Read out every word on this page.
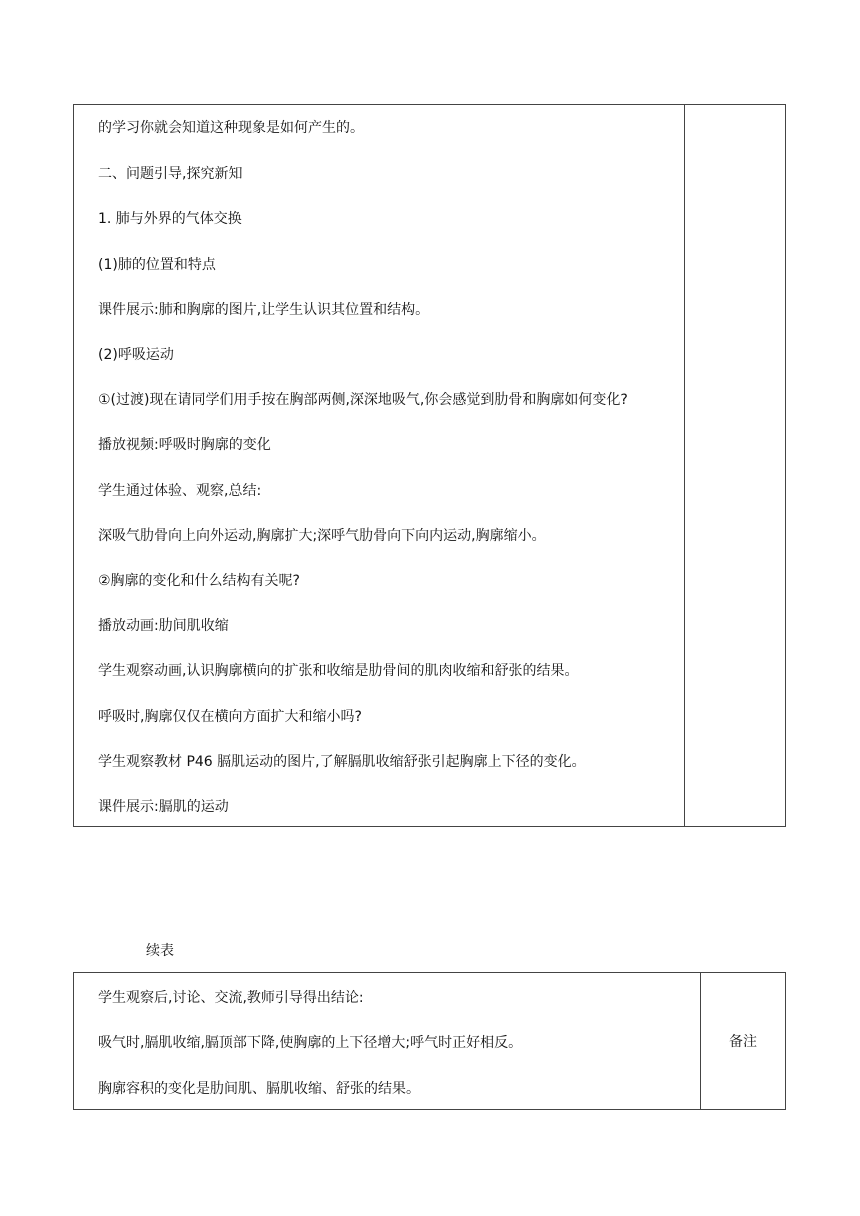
的学习你就会知道这种现象是如何产生的。
二、问题引导,探究新知
1. 肺与外界的气体交换
(1)肺的位置和特点
课件展示:肺和胸廓的图片,让学生认识其位置和结构。
(2)呼吸运动
①(过渡)现在请同学们用手按在胸部两侧,深深地吸气,你会感觉到肋骨和胸廓如何变化?
播放视频:呼吸时胸廓的变化
学生通过体验、观察,总结:
深吸气肋骨向上向外运动,胸廓扩大;深呼气肋骨向下向内运动,胸廓缩小。
②胸廓的变化和什么结构有关呢?
播放动画:肋间肌收缩
学生观察动画,认识胸廓横向的扩张和收缩是肋骨间的肌肉收缩和舒张的结果。
呼吸时,胸廓仅仅在横向方面扩大和缩小吗?
学生观察教材 P46 膈肌运动的图片,了解膈肌收缩舒张引起胸廓上下径的变化。
课件展示:膈肌的运动
续表
学生观察后,讨论、交流,教师引导得出结论:
吸气时,膈肌收缩,膈顶部下降,使胸廓的上下径增大;呼气时正好相反。
胸廓容积的变化是肋间肌、膈肌收缩、舒张的结果。
备注
